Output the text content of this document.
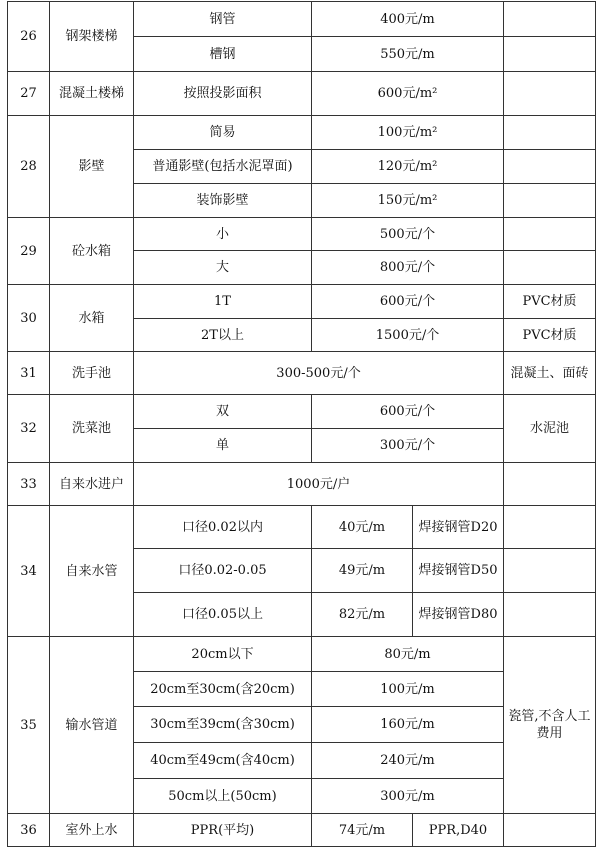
26	钢架楼梯	钢管	400元/m		
		槽钢	550元/m		
27	混凝土楼梯	按照投影面积	600元/m²		
28	影壁	简易	100元/m²		
		普通影壁(包括水泥罩面)	120元/m²		
		装饰影壁	150元/m²		
29	砼水箱	小	500元/个		
		大	800元/个		
30	水箱	1T	600元/个		PVC材质
		2T以上	1500元/个		PVC材质
31	洗手池	300-500元/个			混凝土、面砖
32	洗菜池	双	600元/个		水泥池
		单	300元/个		
33	自来水进户	1000元/户			
34	自来水管	口径0.02以内	40元/m	焊接钢管D20	
		口径0.02-0.05	49元/m	焊接钢管D50	
		口径0.05以上	82元/m	焊接钢管D80	
35	输水管道	20cm以下	80元/m		瓷管,不含人工费用
		20cm至30cm(含20cm)	100元/m		
		30cm至39cm(含30cm)	160元/m		
		40cm至49cm(含40cm)	240元/m		
		50cm以上(50cm)	300元/m		
36	室外上水	PPR(平均)	74元/m	PPR,D40	
